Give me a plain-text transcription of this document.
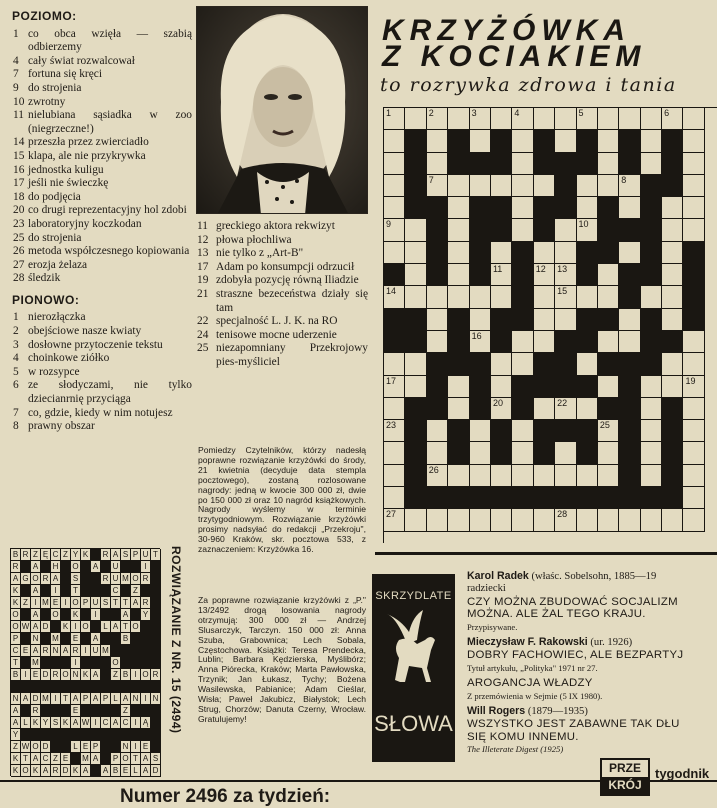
POZIOMO:
1 co obca wzięła — szabią odbierzemy
4 cały świat rozwalcował
7 fortuna się kręci
9 do strojenia
10 zwrotny
11 nielubiana sąsiadka w zoo (niegrzeczne!)
14 przeszła przez zwierciadło
15 klapa, ale nie przykrywka
16 jednostka kuligu
17 jeśli nie świeczkę
18 do podjęcia
20 co drugi reprezentacyjny hol zdobi
23 laboratoryjny koczkodan
25 do strojenia
26 metoda współczesnego kopiowania
27 erozja żelaza
28 śledzik
PIONOWO:
1 nierozłączka
2 obejściowe nasze kwiaty
3 dosłowne przytoczenie tekstu
4 choinkowe ziółko
5 w rozsypce
6 ze słodyczami, nie tylko dziecianrnię przyciąga
7 co, gdzie, kiedy w nim notujesz
8 prawny obszar
11 greckiego aktora rekwizyt
12 płowa płochliwa
13 nie tylko z „Art-B"
17 Adam po konsumpcji odrzucił
19 zdobyła pozycję równą Iliadzie
21 straszne bezeceństwa działy się tam
22 specjalność L. J. K. na RO
24 tenisowe mocne uderzenie
25 niezapomniany Przekrojowy pies-myśliciel
Pomiedzy Czytelników, którzy nadesłą poprawne rozwiązanie krzyżówki do środy, 21 kwietnia (decyduje data stempla pocztowego), zostaną rozlosowane nagrody: jedną w kwocie 300 000 zł, dwie po 150 000 zł oraz 10 nagród książkowych. Nagrody wyślemy w terminie trzytygodniowym. Rozwiązanie krzyżówki prosimy nadsyłać do redakcji „Przekroju", 30-960 Kraków, skr. pocztowa 533, z zaznaczeniem: Krzyżówka 16.
Za poprawne rozwiązanie krzyżówki z „P." 13/2492 drogą losowania nagrody otrzymują: 300 000 zł — Andrzej Slusarczyk, Tarczyn. 150 000 zł: Anna Szuba, Grabownica; Lech Sobala, Częstochowa. Książki: Teresa Prendecka, Lublin; Barbara Kędzierska, Myślibórz; Anna Piórecka, Kraków; Marta Pawłowska, Trzynik; Jan Łukasz, Tychy; Bożena Wasilewska, Pabianice; Adam Cieślar, Wisła; Paweł Jakubicz, Białystok; Lech Strug, Chorzów; Danuta Czerny, Wrocław. Gratulujemy!
KRZYŻÓWKA
Z KOCIAKIEM
to rozrywka zdrowa i tania
1	2	3	4	5	6
7	8
9	10
11	12 13
14	15
16
17	19
20	22
23	25
26
27	28
SKRZYDLATE
SŁOWA
Karol Radek (właśc. Sobelsohn, 1885—19
radziecki
CZY MOŻNA ZBUDOWAĆ SOCJALIZM
MOŻNA. ALE ŻAL TEGO KRAJU.
Przypisywane.
Mieczysław F. Rakowski (ur. 1926)
DOBRY FACHOWIEC, ALE BEZPARTYJ
Tytuł artykułu, „Polityka" 1971 nr 27.
AROGANCJA WŁADZY
Z przemówienia w Sejmie (5 IX 1980).
Will Rogers (1879—1935)
WSZYSTKO JEST ZABAWNE TAK DŁU
SIĘ KOMU INNEMU.
The Illeterate Digest (1925)
B R Z Ę C Z Y K	R A S P U T
R	A	H	O A	U	I
A G O R A	S	R U M O R
K	A	I	T	C	Z
K Z I M E I O P U S T T A R
O A	O K	I	A	Y
O W A D	K I O L A T O
P	N	M E	A	B
C E A R N A R I U M
T	M	I	O
B I E D R O N K A	Z B I O R
N A D M I T A P A P L A N I N
A	R	E	Z
A L K Y S K A W I C A C I Ą
Y
Z W O D	L E P	N I E
K T A C Z E	M A	P O T A S
K O K A R D K A	A B E L A D
ROZWIĄZANIE Z NR. 15 (2494)
Numer 2496 za tydzień:
PRZE
KRÓJ
tygodnik
